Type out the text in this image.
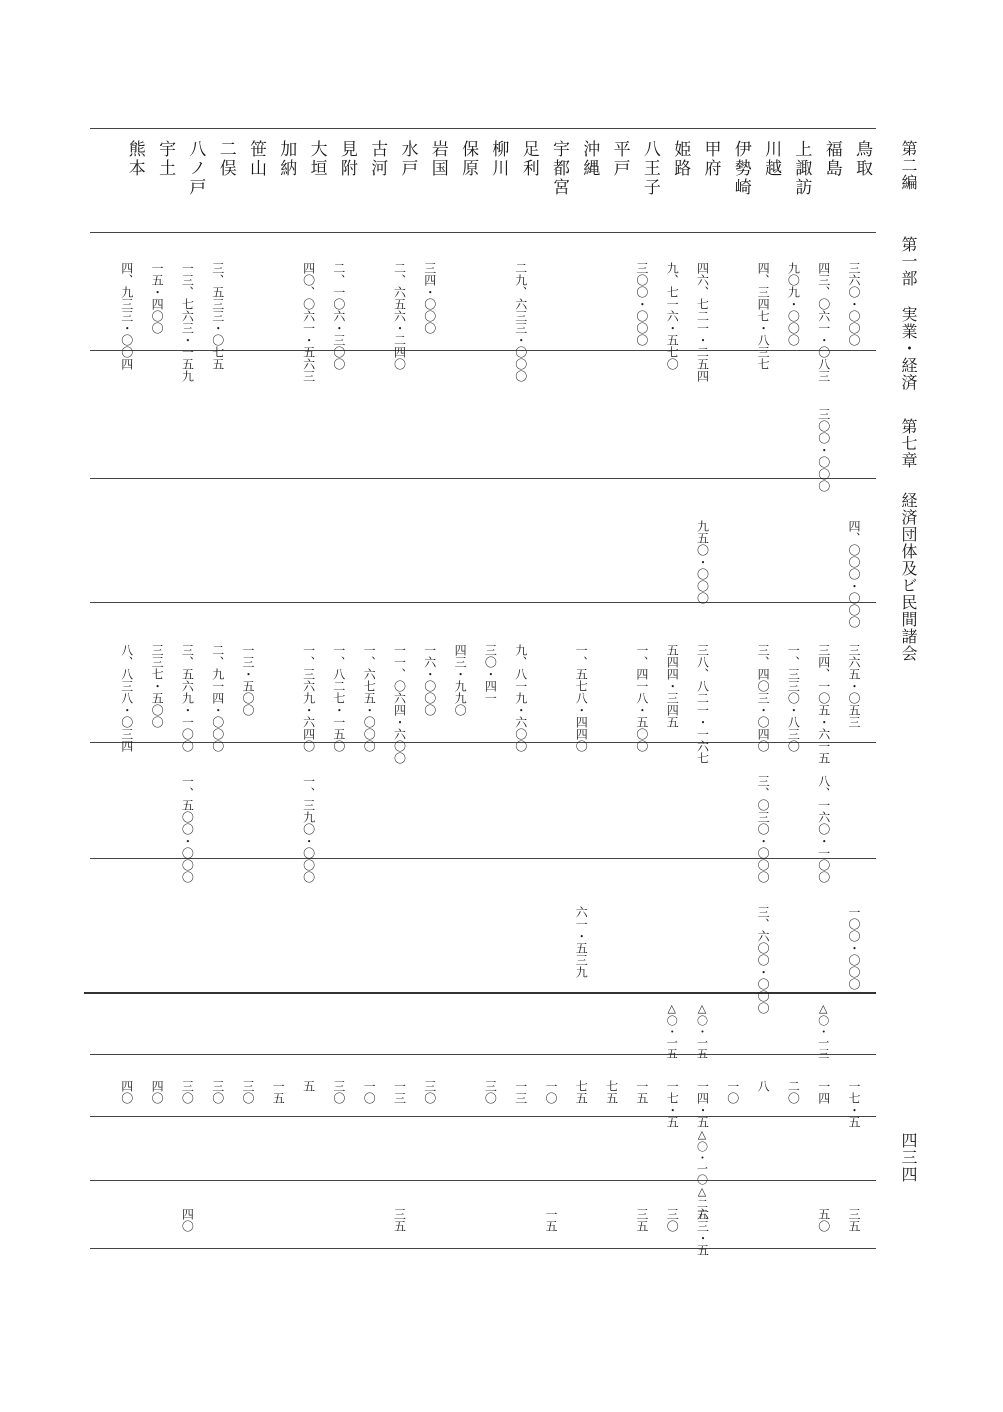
第二編
第一部
実業・経済
第七章
経済団体及ビ民間諸会
四三四
鳥取
福島
上諏訪
川越
伊勢崎
甲府
姫路
八王子
平戸
沖縄
宇都宮
足利
柳川
保原
岩国
水戸
古河
見附
大垣
加納
笹山
二俣
八ノ戸
宇土
熊本
三六〇・〇〇〇
四三、〇六一・〇八三
九〇九・〇〇〇
四、三四七・八三七
四六、七二一・二五四
九、七一六・五七〇
三〇〇・〇〇〇
二九、六三三・〇〇〇
三四・〇〇〇
二、六五六・二四〇
二、一〇六・三〇〇
四〇、〇六一・五六三
三、五三三・〇七五
一三、七六三・一五九
一五・四〇〇
四、九三三・〇〇四
三〇〇・〇〇〇
四、〇〇〇・〇〇〇
九五〇・〇〇〇
三六五・〇五三
三四、一〇五・六一五
一、三三〇・八三〇
三、四〇三・〇四〇
三八、八二一・一六七
五四四・三四五
一、四一八・五〇〇
一、五七八・四四〇
九、八一九・六〇〇
三〇・四一
四三・九九〇
一六・〇〇〇
一一、〇六四・六〇〇
一、六七五・〇〇〇
一、八二七・一五〇
一、三六九・六四〇
一三・五〇〇
二、九一四・〇〇〇
三、五六九・一〇〇
三三七・五〇〇
八、八三八・〇三四
八、一六〇・一〇〇
三、〇三〇・〇〇〇
一、三九〇・〇〇〇
一、五〇〇・〇〇〇
一〇〇・〇〇〇
三、六〇〇・〇〇〇
六一・五三九
△〇・一三
△〇・一五
△〇・一五
一七・五
一四
二〇
八
一〇
一四・五
一七・五
一五
七五
七五
一〇
一三
三〇
三〇
一三
一〇
三〇
五
一五
三〇
三〇
三〇
四〇
四〇
△〇・一〇△二五	三五
五〇
六三・五
三〇
三五
一五
三五
四〇
